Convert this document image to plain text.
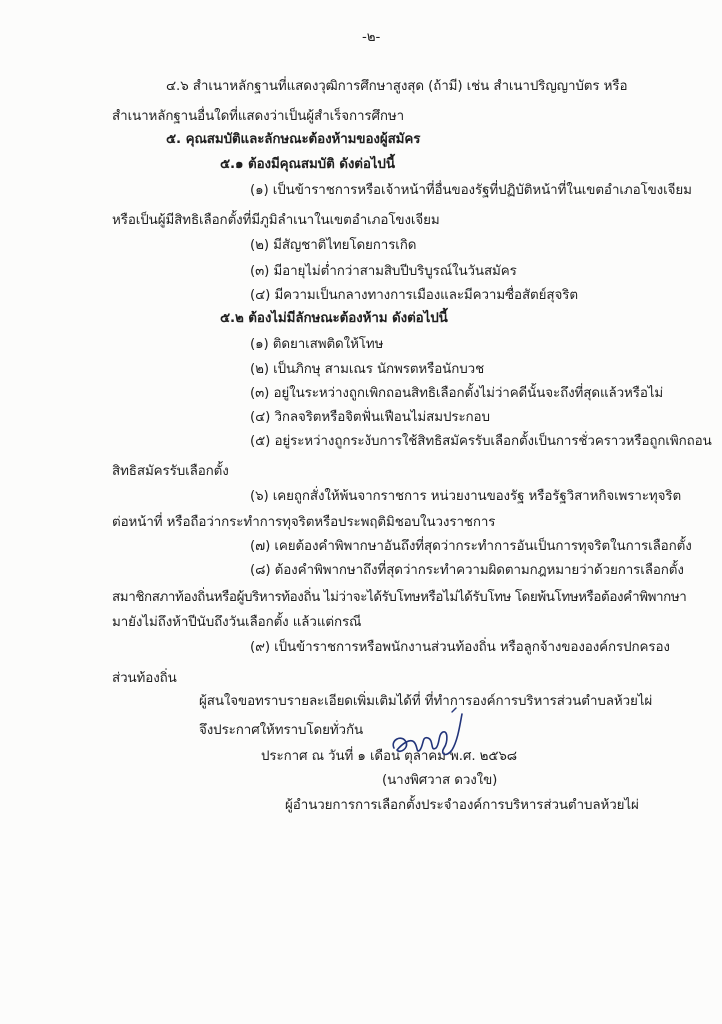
-๒-
๔.๖ สำเนาหลักฐานที่แสดงวุฒิการศึกษาสูงสุด (ถ้ามี) เช่น สำเนาปริญญาบัตร หรือ
สำเนาหลักฐานอื่นใดที่แสดงว่าเป็นผู้สำเร็จการศึกษา
๕. คุณสมบัติและลักษณะต้องห้ามของผู้สมัคร
๕.๑ ต้องมีคุณสมบัติ ดังต่อไปนี้
(๑) เป็นข้าราชการหรือเจ้าหน้าที่อื่นของรัฐที่ปฏิบัติหน้าที่ในเขตอำเภอโขงเจียม
หรือเป็นผู้มีสิทธิเลือกตั้งที่มีภูมิลำเนาในเขตอำเภอโขงเจียม
(๒) มีสัญชาติไทยโดยการเกิด
(๓) มีอายุไม่ต่ำกว่าสามสิบปีบริบูรณ์ในวันสมัคร
(๔) มีความเป็นกลางทางการเมืองและมีความซื่อสัตย์สุจริต
๕.๒ ต้องไม่มีลักษณะต้องห้าม ดังต่อไปนี้
(๑) ติดยาเสพติดให้โทษ
(๒) เป็นภิกษุ สามเณร นักพรตหรือนักบวช
(๓) อยู่ในระหว่างถูกเพิกถอนสิทธิเลือกตั้งไม่ว่าคดีนั้นจะถึงที่สุดแล้วหรือไม่
(๔) วิกลจริตหรือจิตฟั่นเฟือนไม่สมประกอบ
(๕) อยู่ระหว่างถูกระงับการใช้สิทธิสมัครรับเลือกตั้งเป็นการชั่วคราวหรือถูกเพิกถอน
สิทธิสมัครรับเลือกตั้ง
(๖) เคยถูกสั่งให้พ้นจากราชการ หน่วยงานของรัฐ หรือรัฐวิสาหกิจเพราะทุจริต
ต่อหน้าที่ หรือถือว่ากระทำการทุจริตหรือประพฤติมิชอบในวงราชการ
(๗) เคยต้องคำพิพากษาอันถึงที่สุดว่ากระทำการอันเป็นการทุจริตในการเลือกตั้ง
(๘) ต้องคำพิพากษาถึงที่สุดว่ากระทำความผิดตามกฎหมายว่าด้วยการเลือกตั้ง
สมาชิกสภาท้องถิ่นหรือผู้บริหารท้องถิ่น ไม่ว่าจะได้รับโทษหรือไม่ได้รับโทษ โดยพ้นโทษหรือต้องคำพิพากษา
มายังไม่ถึงห้าปีนับถึงวันเลือกตั้ง แล้วแต่กรณี
(๙) เป็นข้าราชการหรือพนักงานส่วนท้องถิ่น หรือลูกจ้างขององค์กรปกครอง
ส่วนท้องถิ่น
ผู้สนใจขอทราบรายละเอียดเพิ่มเติมได้ที่ ที่ทำการองค์การบริหารส่วนตำบลห้วยไผ่
จึงประกาศให้ทราบโดยทั่วกัน
ประกาศ ณ วันที่ ๑ เดือน ตุลาคม พ.ศ. ๒๕๖๘
(นางพิศวาส ดวงใข)
ผู้อำนวยการการเลือกตั้งประจำองค์การบริหารส่วนตำบลห้วยไผ่
